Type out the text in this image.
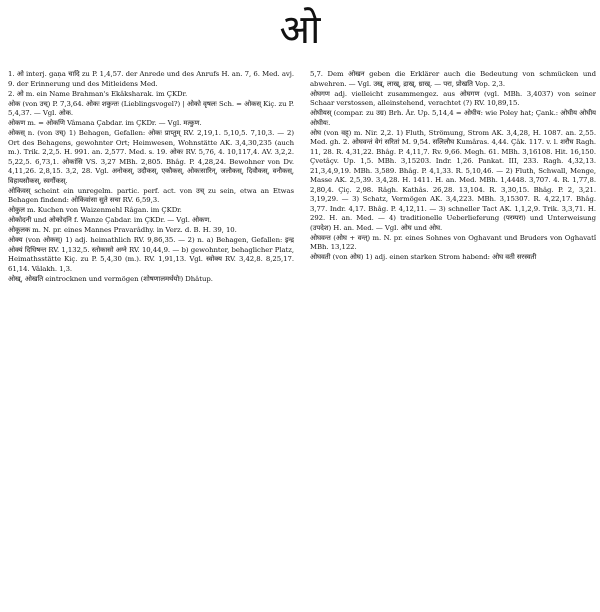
ओ

1. ओ interj. gaṇa चादि zu P. 1,4,57. der Anrede und des Anrufs H. an. 7, 6. Med. avj. 9. der Erinnerung und des Mitleidens Med.

2. ओ m. ein Name Brahman's Ekâksharak. im ÇKDr.

ओक (von उच्) P. 7,3,64. ओकः शकुन्तः (Lieblingsvogel?) | ओको वृषलः Sch. = ओकस् Kiç. zu P. 5,4,37. — Vgl. ओक.

ओकण m. = ओकणि Vâmana Çabdar. im ÇKDr. — Vgl. मत्कुण.

ओकस् n. (von उच्) 1) Behagen, Gefallen: ओकः प्राप्तुम् RV. 2,19,1. 5,10,5. 7,10,3. — 2) Ort des Behagens, gewohnter Ort; Heimwesen, Wohnstätte AK. 3,4,30,235 (auch m.). Trik. 2,2,5. H. 991. an. 2,577. Med. s. 19. ओकः RV. 5,76, 4. 10,117,4. AV. 3,2,2. 5,22,5. 6,73,1. ओकांसि VS. 3,27 MBh. 2,805. Bhâg. P. 4,28,24. Bewohner von Dv. 4,11,26. 2,8,15. 3,2, 28. Vgl. अनोकस्, उदौकस्, एकौकस्, ओकःसारिन्, जलौकस्, दिवौकस्, वनौकस्, विहायसौकस्, स्वर्गौकस्.

ओकिवस् scheint ein unregelm. partic. perf. act. von उच् zu sein, etwa an Etwas Behagen findend: ओकिवांसा सुते सचा RV. 6,59,3.

ओकुल m. Kuchen von Waizenmehl Râgan. im ÇKDr.

ओकोदनी und ओकोदनि f. Wanze Çabdar. im ÇKDr. — Vgl. ओकण.

ओकूलक m. N. pr. eines Mannes Pravarâdhy. in Verz. d. B. H. 39, 10.

ओक्य (von ओकस्) 1) adj. heimathlich RV. 9,86,35. — 2) n. a) Behagen, Gefallen: इन्द्र ओक्यं दिधिषन्त RV. 1,132,5. स्तोकासो अग्ने RV. 10,44,9. — b) gewohnter, behaglicher Platz, Heimathsstätte Kiç. zu P. 5,4,30 (m.). RV. 1,91,13. Vgl. स्वोक्य RV. 3,42,8. 8,25,17. 61,14. Vâlakh. 1,3.

ओख्, ओखति eintrocknen und vermögen (शोषणालमर्थयोः) Dhâtup.

5,7. Dem ओखन geben die Erklärer auch die Bedeutung von schmücken und abwehren. — Vgl. उख्, लाख्, द्राख्, ध्राख्. — परा, प्रोखति Vop. 2,3.

ओघगण adj. vielleicht zusammengez. aus ओघगण (vgl. MBh. 3,4037) von seiner Schaar verstossen, alleinstehend, verachtet (?) RV. 10,89,15.

ओघीयस् (compar. zu उग्र) Brh. Âr. Up. 5,14,4 = ओघीय: wie Poley hat; Çank.: ओघीय ओघीय ओघीयः.

ओघ (von वह्) m. Nir. 2,2. 1) Fluth, Strömung, Strom AK. 3,4,28, H. 1087. an. 2,55. Med. gh. 2. ओघवन्तं वेगं सरितां M. 9,54. सलिलौघ Kumâras. 4,44. Çâk. 117. v. l. शरौघ Ragh. 11, 28. R. 4,31,22. Bhâg. P. 4,11,7. Rv. 9,66. Megh. 61. MBh. 3,16108. Hit. 16,150. Çvetâçv. Up. 1,5. MBh. 3,15203. Indr. 1,26. Pankat. III, 233. Ragh. 4,32,13. 21,3,4,9,19. MBh. 3,589. Bhâg. P. 4,1,33. R. 5,10,46. — 2) Fluth, Schwall, Menge, Masse AK. 2,5,39. 3,4,28. H. 1411. H. an. Med. MBh. 1,4448. 3,707. 4. R. 1,77,8. 2,80,4. Çiç. 2,98. Râgh. Kathâs. 26,28. 13,104. R. 3,30,15. Bhâg. P. 2, 3,21. 3,19,29. — 3) Schatz, Vermögen AK. 3,4,223. MBh. 3,15307. R. 4,22,17. Bhâg. 3,77. Indr. 4,17. Bhâg. P. 4,12,11. — 3) schneller Tact AK. 1,1,2,9. Trik. 3,3,71. H. 292. H. an. Med. — 4) traditionelle Ueberlieferung (परम्परा) und Unterweisung (उपदेश) H. an. Med. — Vgl. ओघ und ओघ.

ओघवन्त (ओघ + वन्त्) m. N. pr. eines Sohnes von Oghavant und Bruders von Oghavatî MBh. 13,122.

ओघवती (von ओघ) 1) adj. einen starken Strom habend: ओघ वती सरस्वती
